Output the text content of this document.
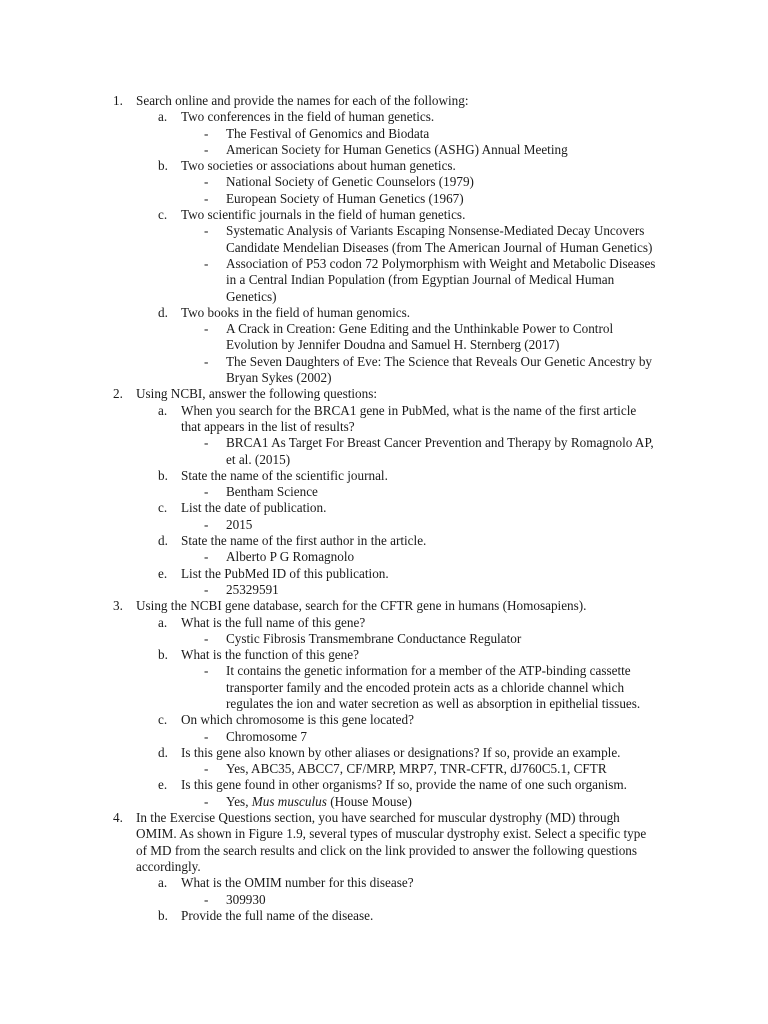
1. Search online and provide the names for each of the following:
a. Two conferences in the field of human genetics.
- The Festival of Genomics and Biodata
- American Society for Human Genetics (ASHG) Annual Meeting
b. Two societies or associations about human genetics.
- National Society of Genetic Counselors (1979)
- European Society of Human Genetics (1967)
c. Two scientific journals in the field of human genetics.
- Systematic Analysis of Variants Escaping Nonsense-Mediated Decay Uncovers
Candidate Mendelian Diseases (from The American Journal of Human Genetics)
- Association of P53 codon 72 Polymorphism with Weight and Metabolic Diseases
in a Central Indian Population (from Egyptian Journal of Medical Human
Genetics)
d. Two books in the field of human genomics.
- A Crack in Creation: Gene Editing and the Unthinkable Power to Control
Evolution by Jennifer Doudna and Samuel H. Sternberg (2017)
- The Seven Daughters of Eve: The Science that Reveals Our Genetic Ancestry by
Bryan Sykes (2002)
2. Using NCBI, answer the following questions:
a. When you search for the BRCA1 gene in PubMed, what is the name of the first article
that appears in the list of results?
- BRCA1 As Target For Breast Cancer Prevention and Therapy by Romagnolo AP,
et al. (2015)
b. State the name of the scientific journal.
- Bentham Science
c. List the date of publication.
- 2015
d. State the name of the first author in the article.
- Alberto P G Romagnolo
e. List the PubMed ID of this publication.
- 25329591
3. Using the NCBI gene database, search for the CFTR gene in humans (Homosapiens).
a. What is the full name of this gene?
- Cystic Fibrosis Transmembrane Conductance Regulator
b. What is the function of this gene?
- It contains the genetic information for a member of the ATP-binding cassette
transporter family and the encoded protein acts as a chloride channel which
regulates the ion and water secretion as well as absorption in epithelial tissues.
c. On which chromosome is this gene located?
- Chromosome 7
d. Is this gene also known by other aliases or designations? If so, provide an example.
- Yes, ABC35, ABCC7, CF/MRP, MRP7, TNR-CFTR, dJ760C5.1, CFTR
e. Is this gene found in other organisms? If so, provide the name of one such organism.
- Yes, Mus musculus (House Mouse)
4. In the Exercise Questions section, you have searched for muscular dystrophy (MD) through
OMIM. As shown in Figure 1.9, several types of muscular dystrophy exist. Select a specific type
of MD from the search results and click on the link provided to answer the following questions
accordingly.
a. What is the OMIM number for this disease?
- 309930
b. Provide the full name of the disease.
